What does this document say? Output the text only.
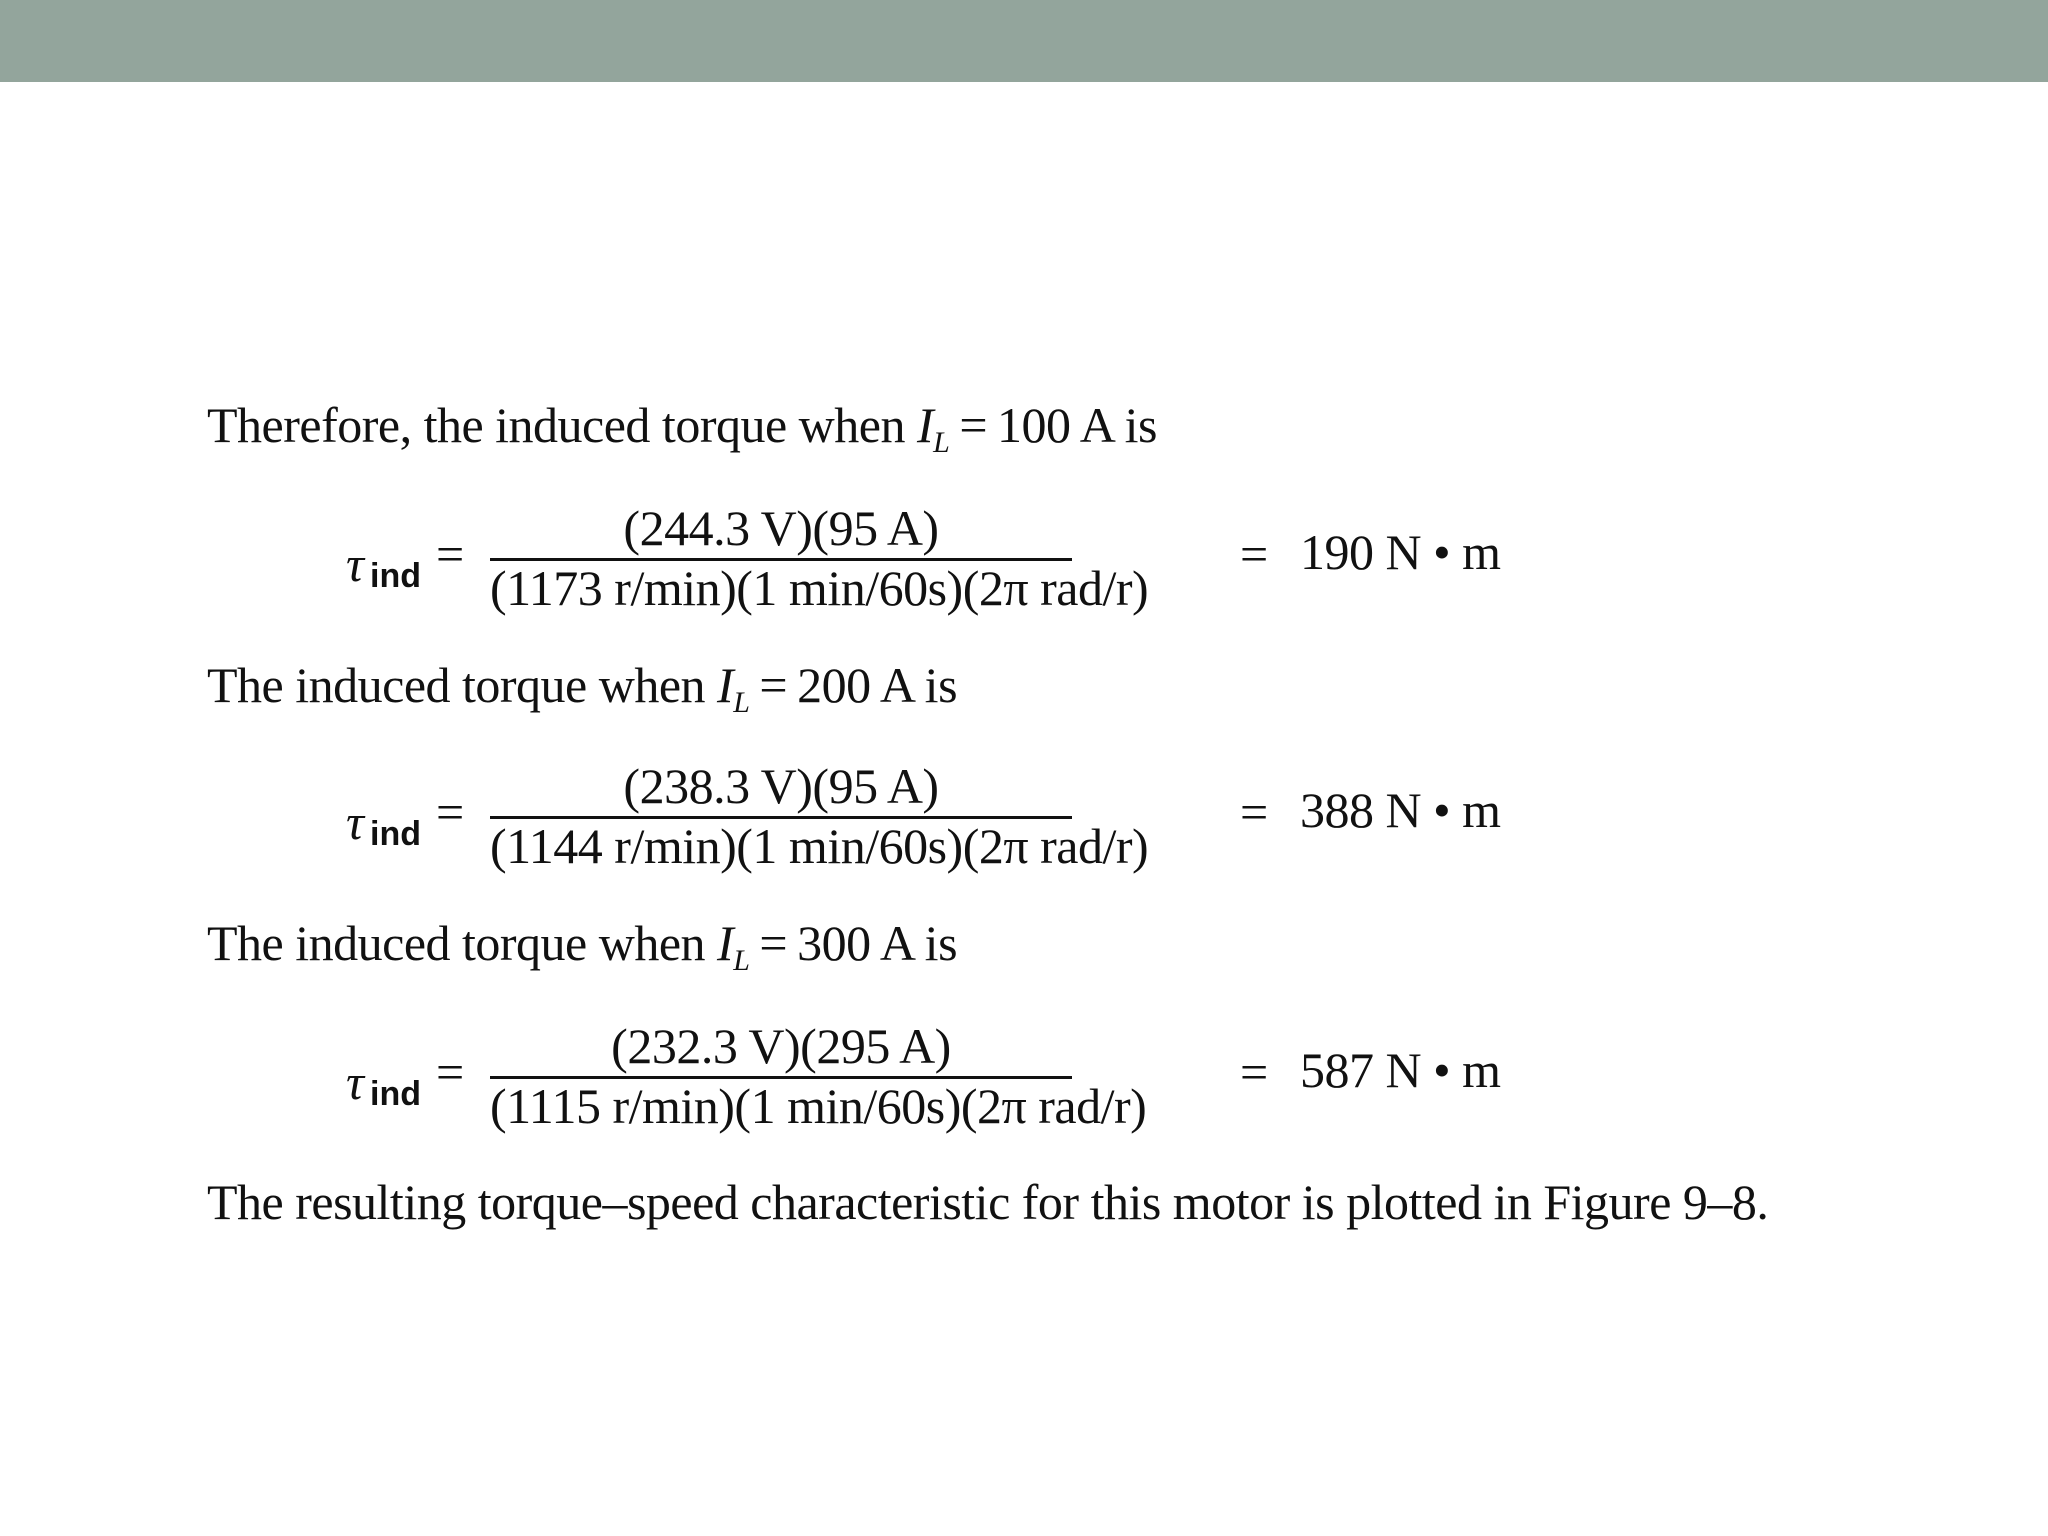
Therefore, the induced torque when $I_L = 100$ A is
τ ind =	(244.3 V)(95 A)
(1173 r/min)(1 min/60s)(2π rad/r)
= 190 N • m
The induced torque when $I_L = 200$ A is
τ ind =	(238.3 V)(95 A)
(1144 r/min)(1 min/60s)(2π rad/r)
= 388 N • m
The induced torque when $I_L = 300$ A is
τ ind =	(232.3 V)(295 A)
(1115 r/min)(1 min/60s)(2π rad/r)
= 587 N • m
The resulting torque–speed characteristic for this motor is plotted in Figure 9–8.
